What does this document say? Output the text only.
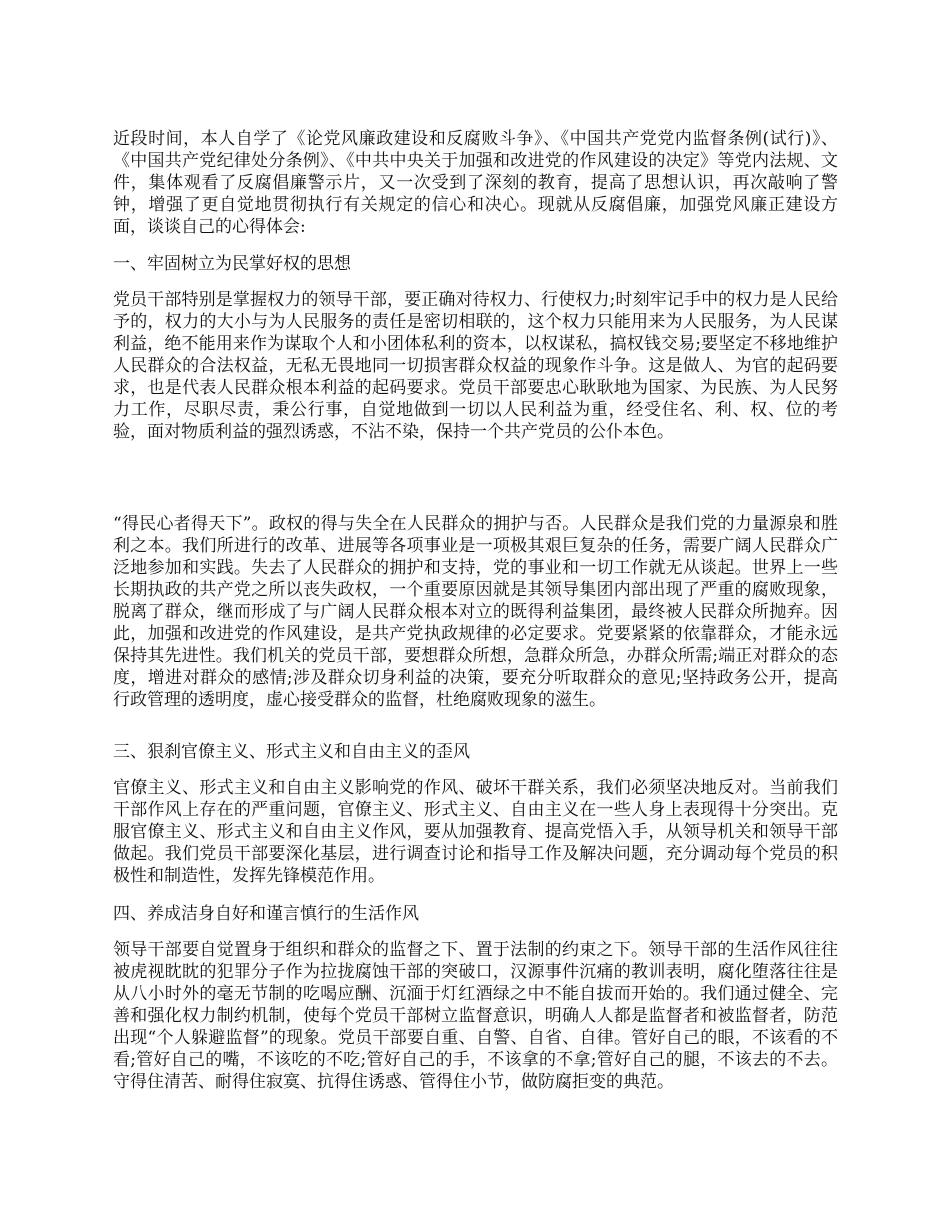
近段时间，本人自学了《论党风廉政建设和反腐败斗争》、《中国共产党党内监督条例(试行)》、《中国共产党纪律处分条例》、《中共中央关于加强和改进党的作风建设的决定》等党内法规、文件，集体观看了反腐倡廉警示片，又一次受到了深刻的教育，提高了思想认识，再次敲响了警钟，增强了更自觉地贯彻执行有关规定的信心和决心。现就从反腐倡廉，加强党风廉正建设方面，谈谈自己的心得体会:

一、牢固树立为民掌好权的思想

党员干部特别是掌握权力的领导干部，要正确对待权力、行使权力;时刻牢记手中的权力是人民给予的，权力的大小与为人民服务的责任是密切相联的，这个权力只能用来为人民服务，为人民谋利益，绝不能用来作为谋取个人和小团体私利的资本，以权谋私，搞权钱交易;要坚定不移地维护人民群众的合法权益，无私无畏地同一切损害群众权益的现象作斗争。这是做人、为官的起码要求，也是代表人民群众根本利益的起码要求。党员干部要忠心耿耿地为国家、为民族、为人民努力工作，尽职尽责，秉公行事，自觉地做到一切以人民利益为重，经受住名、利、权、位的考验，面对物质利益的强烈诱惑，不沾不染，保持一个共产党员的公仆本色。

“得民心者得天下”。政权的得与失全在人民群众的拥护与否。人民群众是我们党的力量源泉和胜利之本。我们所进行的改革、进展等各项事业是一项极其艰巨复杂的任务，需要广阔人民群众广泛地参加和实践。失去了人民群众的拥护和支持，党的事业和一切工作就无从谈起。世界上一些长期执政的共产党之所以丧失政权，一个重要原因就是其领导集团内部出现了严重的腐败现象，脱离了群众，继而形成了与广阔人民群众根本对立的既得利益集团，最终被人民群众所抛弃。因此，加强和改进党的作风建设，是共产党执政规律的必定要求。党要紧紧的依靠群众，才能永远保持其先进性。我们机关的党员干部，要想群众所想，急群众所急，办群众所需;端正对群众的态度，增进对群众的感情;涉及群众切身利益的决策，要充分听取群众的意见;坚持政务公开，提高行政管理的透明度，虚心接受群众的监督，杜绝腐败现象的滋生。

三、狠刹官僚主义、形式主义和自由主义的歪风

官僚主义、形式主义和自由主义影响党的作风、破坏干群关系，我们必须坚决地反对。当前我们干部作风上存在的严重问题，官僚主义、形式主义、自由主义在一些人身上表现得十分突出。克服官僚主义、形式主义和自由主义作风，要从加强教育、提高党悟入手，从领导机关和领导干部做起。我们党员干部要深化基层，进行调查讨论和指导工作及解决问题，充分调动每个党员的积极性和制造性，发挥先锋模范作用。

四、养成洁身自好和谨言慎行的生活作风

领导干部要自觉置身于组织和群众的监督之下、置于法制的约束之下。领导干部的生活作风往往被虎视眈眈的犯罪分子作为拉拢腐蚀干部的突破口，汉源事件沉痛的教训表明，腐化堕落往往是从八小时外的毫无节制的吃喝应酬、沉湎于灯红酒绿之中不能自拔而开始的。我们通过健全、完善和强化权力制约机制，使每个党员干部树立监督意识，明确人人都是监督者和被监督者，防范出现“个人躲避监督”的现象。党员干部要自重、自警、自省、自律。管好自己的眼，不该看的不看;管好自己的嘴，不该吃的不吃;管好自己的手，不该拿的不拿;管好自己的腿，不该去的不去。守得住清苦、耐得住寂寞、抗得住诱惑、管得住小节，做防腐拒变的典范。
